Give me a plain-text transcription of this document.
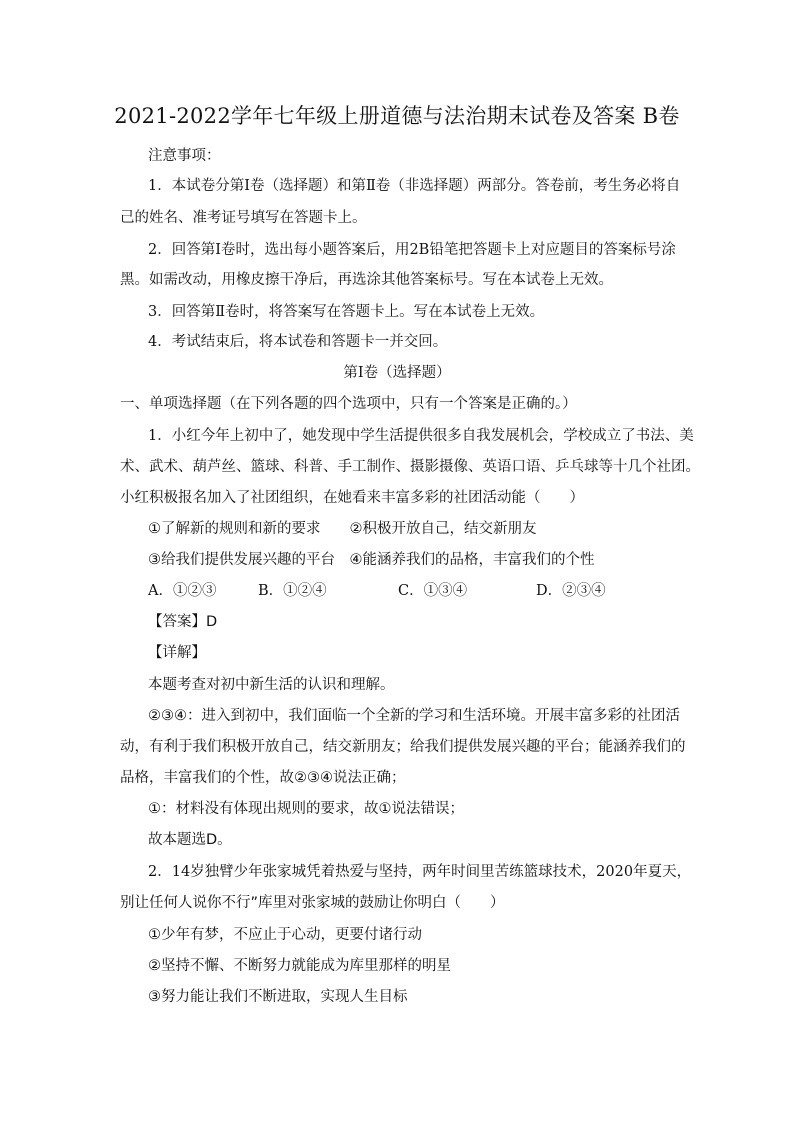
2021-2022学年七年级上册道德与法治期末试卷及答案 B卷
注意事项：
1．本试卷分第Ⅰ卷（选择题）和第Ⅱ卷（非选择题）两部分。答卷前，考生务必将自
己的姓名、准考证号填写在答题卡上。
2．回答第Ⅰ卷时，选出每小题答案后，用2B铅笔把答题卡上对应题目的答案标号涂
黑。如需改动，用橡皮擦干净后，再选涂其他答案标号。写在本试卷上无效。
3．回答第Ⅱ卷时，将答案写在答题卡上。写在本试卷上无效。
4．考试结束后，将本试卷和答题卡一并交回。
第Ⅰ卷（选择题）
一、单项选择题（在下列各题的四个选项中，只有一个答案是正确的。）
1．小红今年上初中了，她发现中学生活提供很多自我发展机会，学校成立了书法、美
术、武术、葫芦丝、篮球、科普、手工制作、摄影摄像、英语口语、乒乓球等十几个社团。
小红积极报名加入了社团组织，在她看来丰富多彩的社团活动能（　　）
①了解新的规则和新的要求　　②积极开放自己，结交新朋友
③给我们提供发展兴趣的平台　④能涵养我们的品格，丰富我们的个性
A．①②③	B．①②④	C．①③④	D．②③④
【答案】D
【详解】
本题考查对初中新生活的认识和理解。
②③④：进入到初中，我们面临一个全新的学习和生活环境。开展丰富多彩的社团活
动，有利于我们积极开放自己，结交新朋友；给我们提供发展兴趣的平台；能涵养我们的
品格，丰富我们的个性，故②③④说法正确；
①：材料没有体现出规则的要求，故①说法错误；
故本题选D。
2．14岁独臂少年张家城凭着热爱与坚持，两年时间里苦练篮球技术，2020年夏天，
别让任何人说你不行”库里对张家城的鼓励让你明白（　　）
①少年有梦，不应止于心动，更要付诸行动
②坚持不懈、不断努力就能成为库里那样的明星
③努力能让我们不断进取，实现人生目标
